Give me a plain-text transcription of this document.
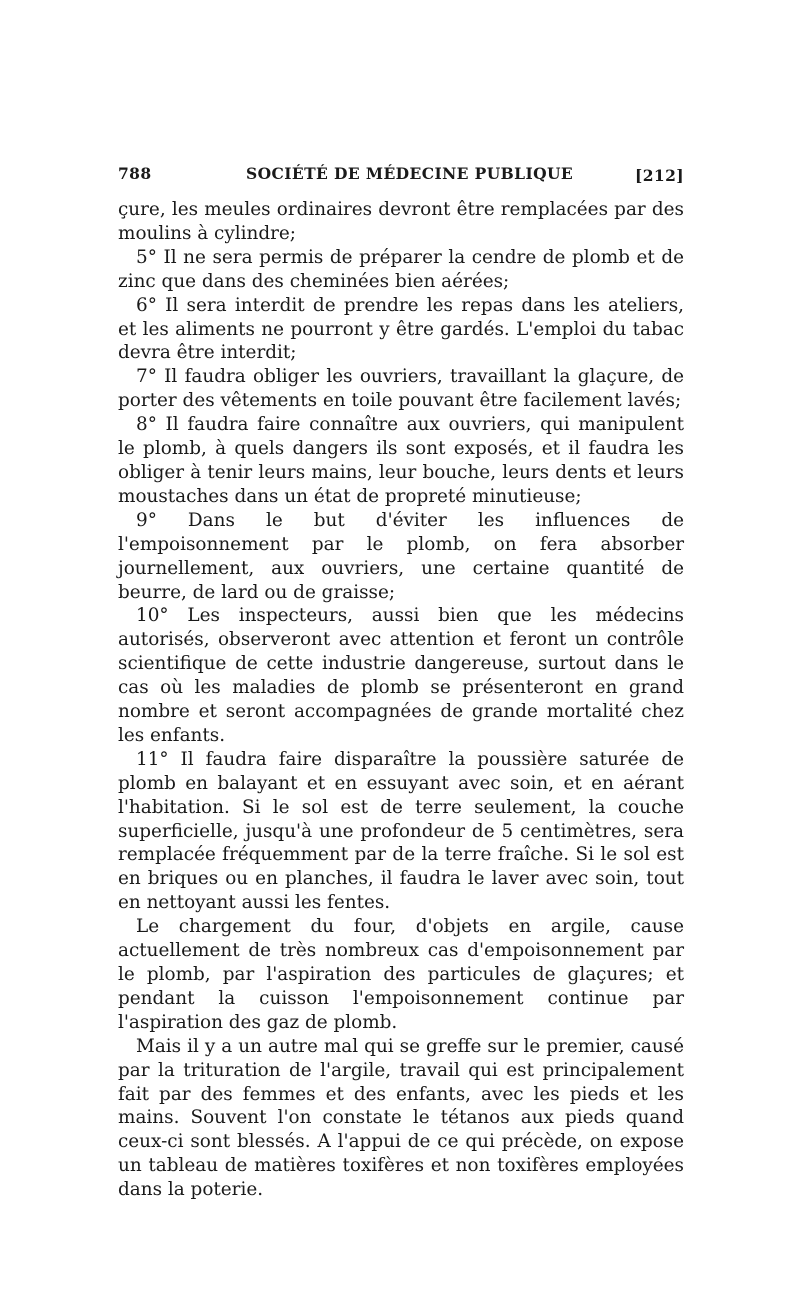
788	SOCIÉTÉ DE MÉDECINE PUBLIQUE	[212]

çure, les meules ordinaires devront être remplacées par des moulins à cylindre;

5° Il ne sera permis de préparer la cendre de plomb et de zinc que dans des cheminées bien aérées;

6° Il sera interdit de prendre les repas dans les ateliers, et les aliments ne pourront y être gardés. L'emploi du tabac devra être interdit;

7° Il faudra obliger les ouvriers, travaillant la glaçure, de porter des vêtements en toile pouvant être facilement lavés;

8° Il faudra faire connaître aux ouvriers, qui manipulent le plomb, à quels dangers ils sont exposés, et il faudra les obliger à tenir leurs mains, leur bouche, leurs dents et leurs moustaches dans un état de propreté minutieuse;

9° Dans le but d'éviter les influences de l'empoisonnement par le plomb, on fera absorber journellement, aux ouvriers, une certaine quantité de beurre, de lard ou de graisse;

10° Les inspecteurs, aussi bien que les médecins autorisés, observeront avec attention et feront un contrôle scientifique de cette industrie dangereuse, surtout dans le cas où les maladies de plomb se présenteront en grand nombre et seront accompagnées de grande mortalité chez les enfants.

11° Il faudra faire disparaître la poussière saturée de plomb en balayant et en essuyant avec soin, et en aérant l'habitation. Si le sol est de terre seulement, la couche superficielle, jusqu'à une profondeur de 5 centimètres, sera remplacée fréquemment par de la terre fraîche. Si le sol est en briques ou en planches, il faudra le laver avec soin, tout en nettoyant aussi les fentes.

Le chargement du four, d'objets en argile, cause actuellement de très nombreux cas d'empoisonnement par le plomb, par l'aspiration des particules de glaçures; et pendant la cuisson l'empoisonnement continue par l'aspiration des gaz de plomb.

Mais il y a un autre mal qui se greffe sur le premier, causé par la trituration de l'argile, travail qui est principalement fait par des femmes et des enfants, avec les pieds et les mains. Souvent l'on constate le tétanos aux pieds quand ceux-ci sont blessés. A l'appui de ce qui précède, on expose un tableau de matières toxifères et non toxifères employées dans la poterie.
